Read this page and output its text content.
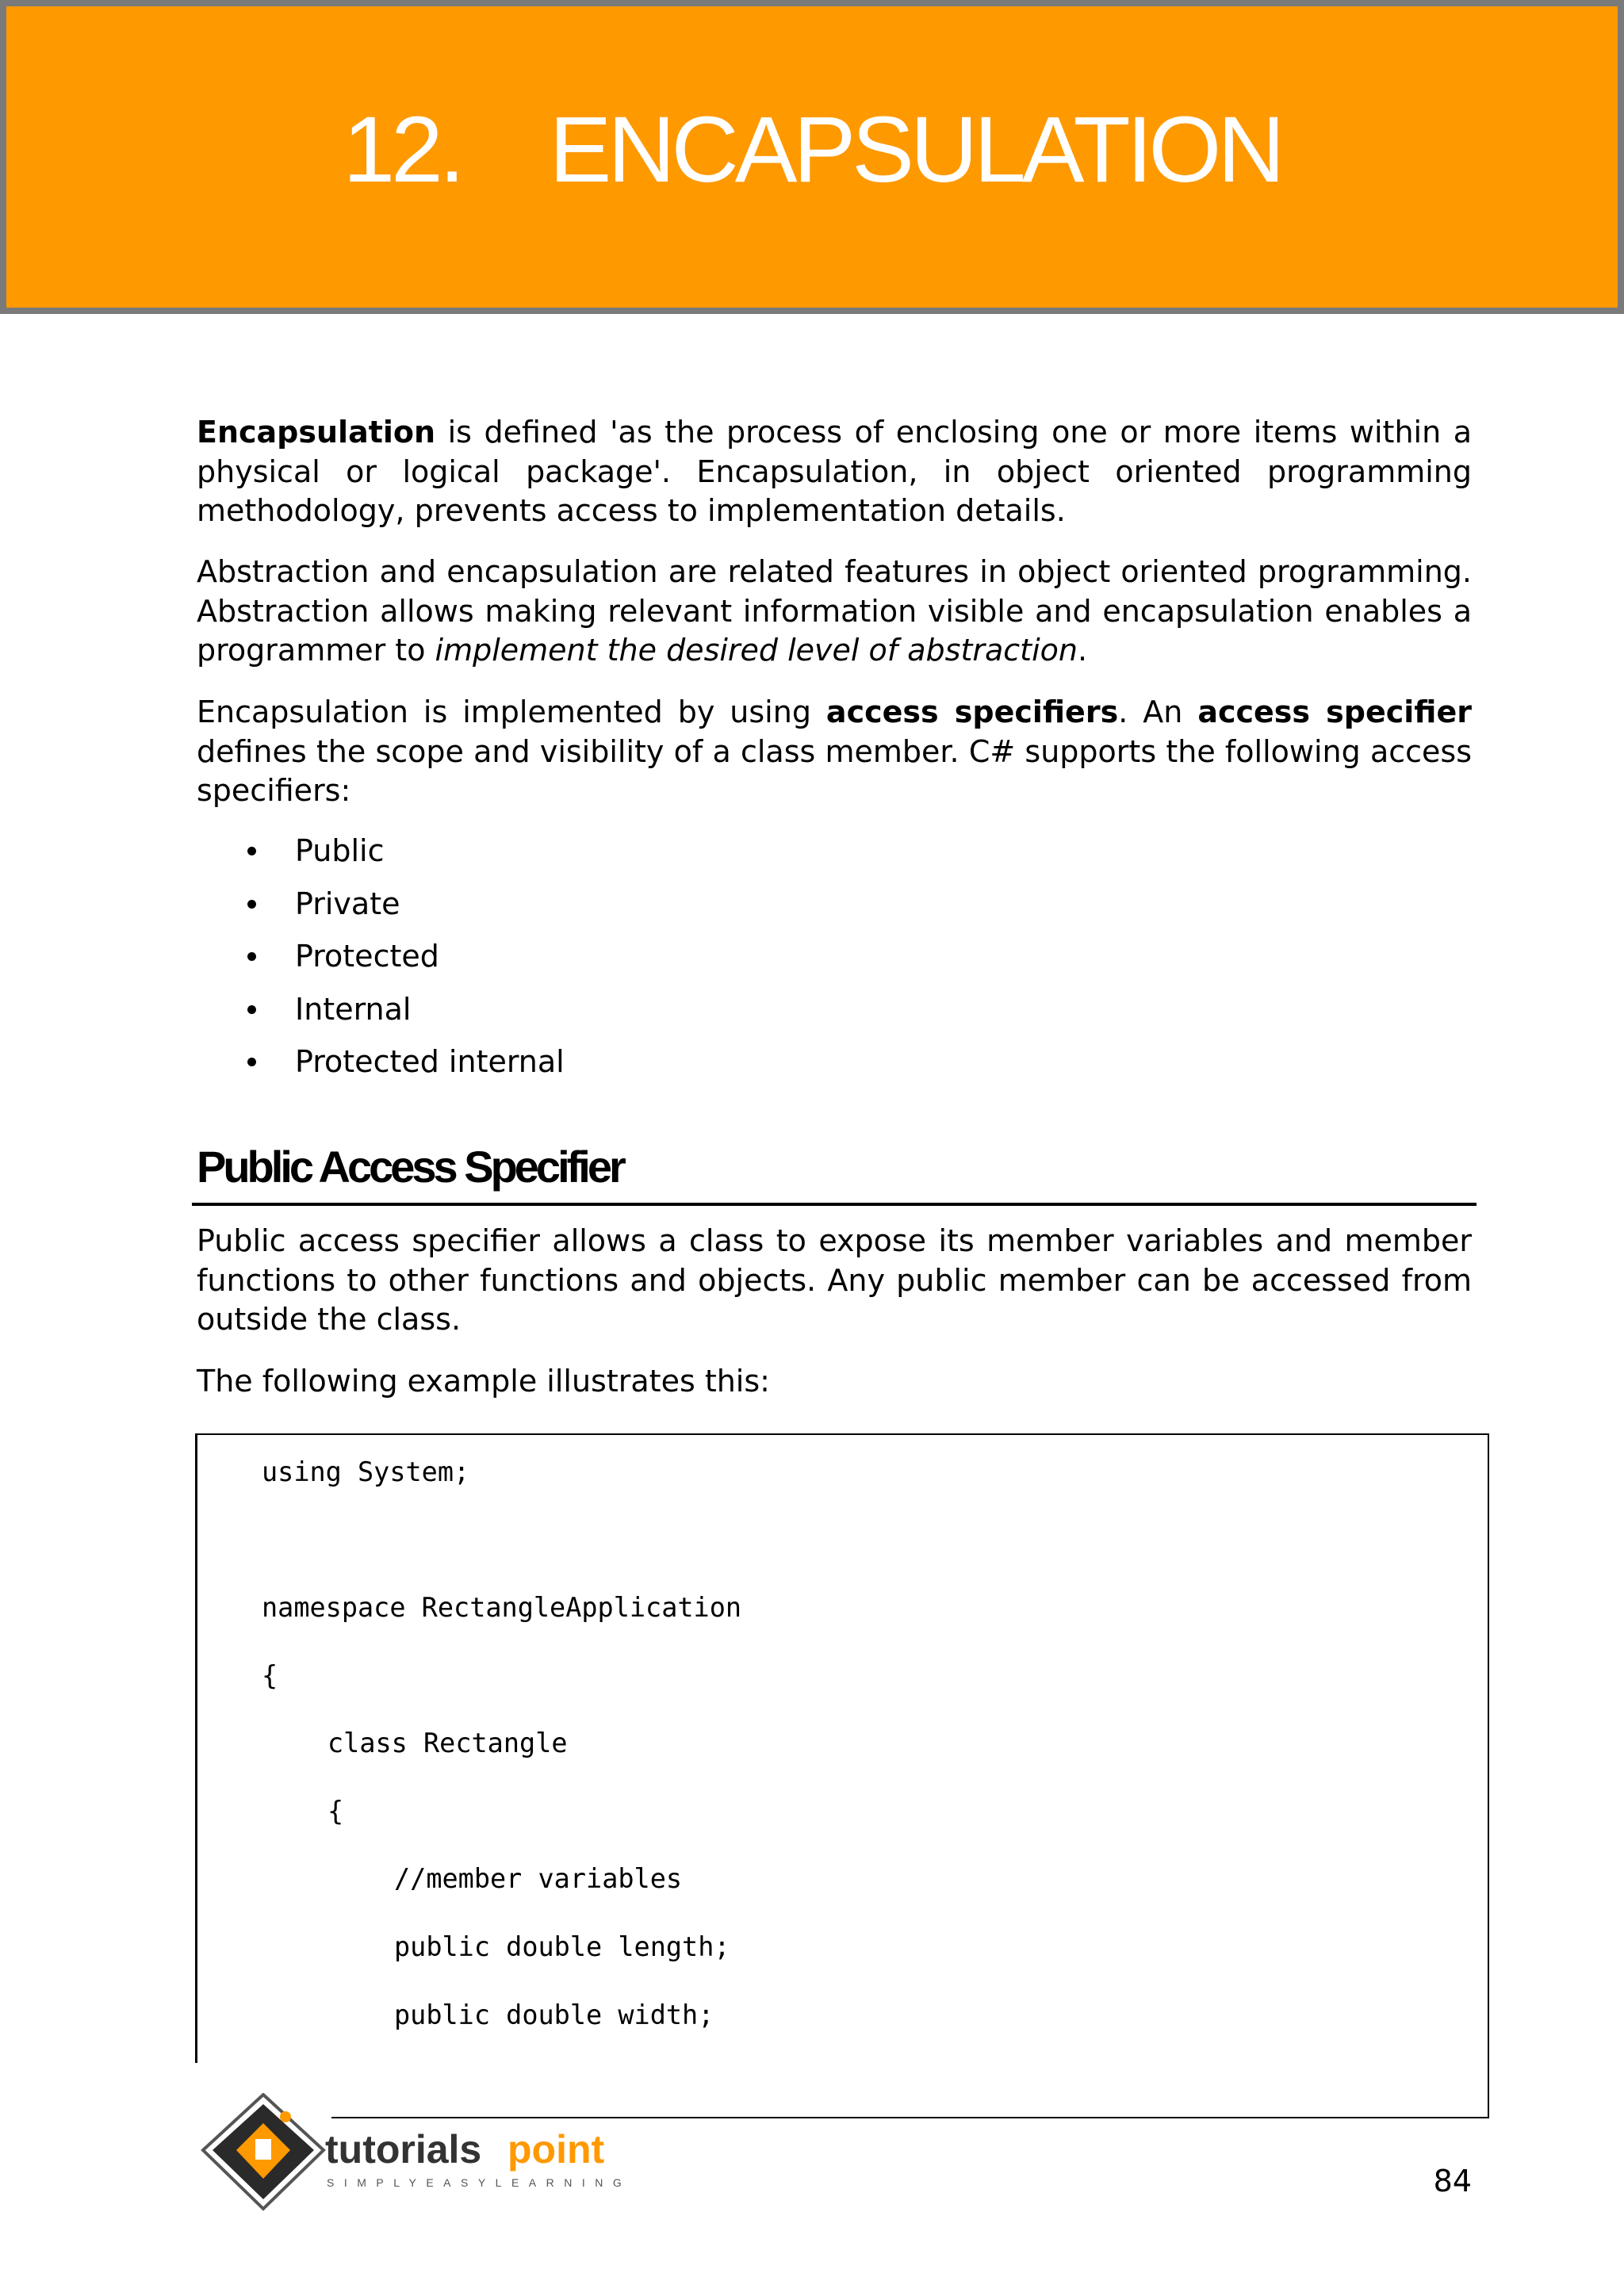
12. ENCAPSULATION

Encapsulation is defined 'as the process of enclosing one or more items within a physical or logical package'. Encapsulation, in object oriented programming methodology, prevents access to implementation details.

Abstraction and encapsulation are related features in object oriented programming. Abstraction allows making relevant information visible and encapsulation enables a programmer to implement the desired level of abstraction.

Encapsulation is implemented by using access specifiers. An access specifier defines the scope and visibility of a class member. C# supports the following access specifiers:

Public
Private
Protected
Internal
Protected internal
Public Access Specifier

Public access specifier allows a class to expose its member variables and member functions to other functions and objects. Any public member can be accessed from outside the class.

The following example illustrates this:

using System;
namespace RectangleApplication
{
class Rectangle
{
//member variables
public double length;
public double width;
tutorials point
SIMPLYEASYLEARNING	84
